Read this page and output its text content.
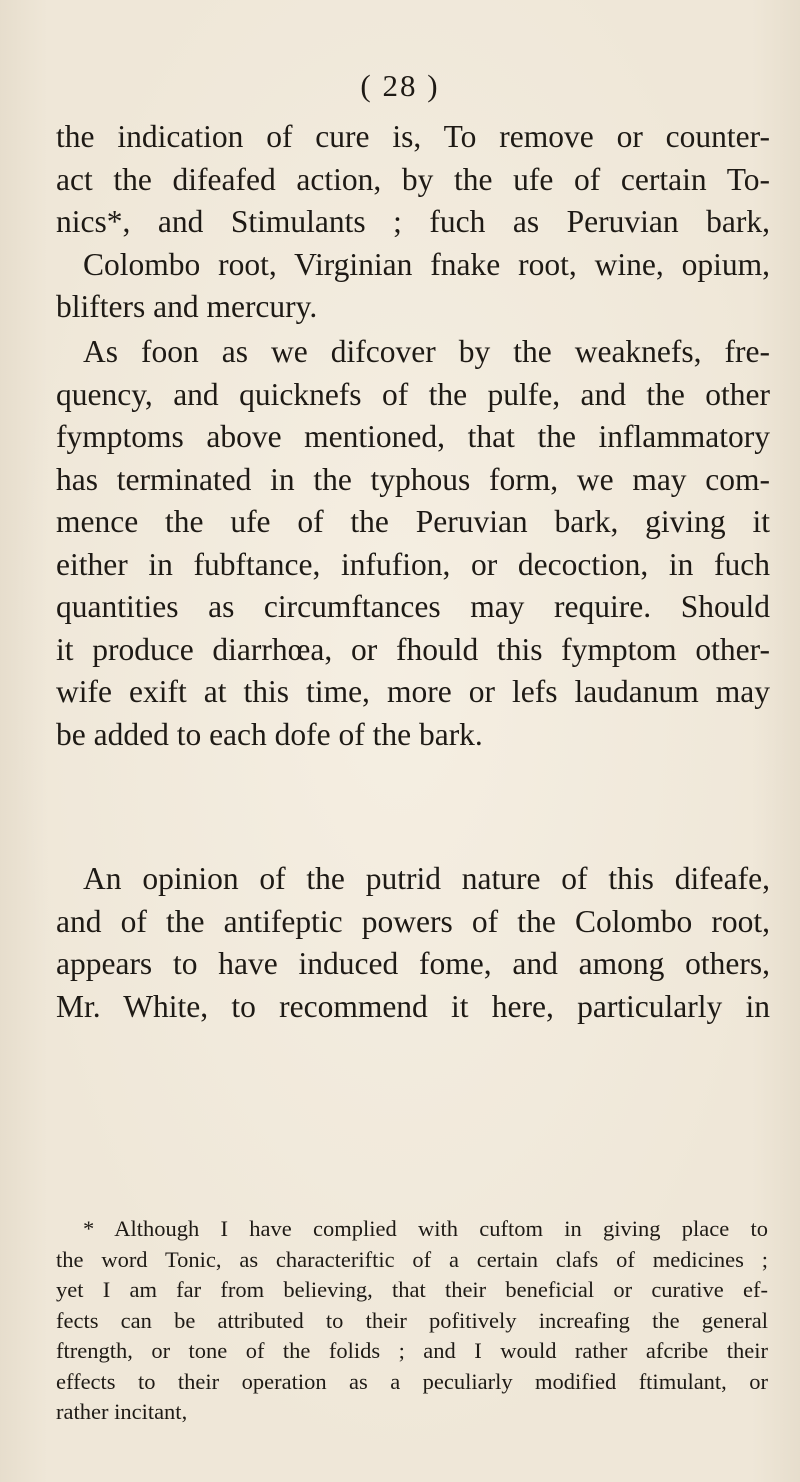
( 28 )

the indication of cure is, To remove or counter-
act the difeafed action, by the ufe of certain To-
nics*, and Stimulants ; fuch as Peruvian bark,
Colombo root, Virginian fnake root, wine, opium,
blifters and mercury.

As foon as we difcover by the weaknefs, fre-
quency, and quicknefs of the pulfe, and the other
fymptoms above mentioned, that the inflammatory
has terminated in the typhous form, we may com-
mence the ufe of the Peruvian bark, giving it
either in fubftance, infufion, or decoction, in fuch
quantities as circumftances may require. Should
it produce diarrhœa, or fhould this fymptom other-
wife exift at this time, more or lefs laudanum may
be added to each dofe of the bark.

An opinion of the putrid nature of this difeafe,
and of the antifeptic powers of the Colombo root,
appears to have induced fome, and among others,
Mr. White, to recommend it here, particularly in

* Although I have complied with cuftom in giving place to
the word Tonic, as characteriftic of a certain clafs of medicines ;
yet I am far from believing, that their beneficial or curative ef-
fects can be attributed to their pofitively increafing the general
ftrength, or tone of the folids ; and I would rather afcribe their
effects to their operation as a peculiarly modified ftimulant, or
rather incitant,
